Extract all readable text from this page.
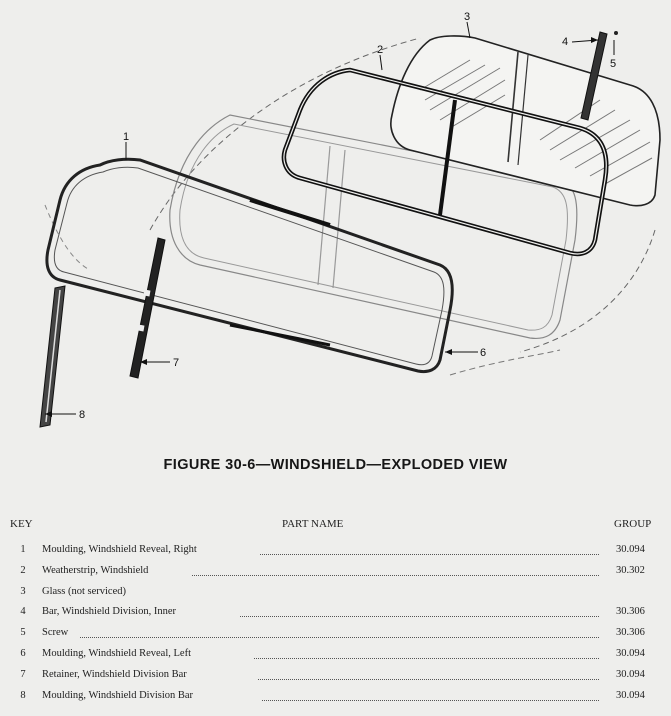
1
2
3
4
5
6
7
8
FIGURE 30-6—WINDSHIELD—EXPLODED VIEW
KEY	PART NAME	GROUP
1 Moulding, Windshield Reveal, Right	30.094
2 Weatherstrip, Windshield	30.302
3 Glass (not serviced)
4 Bar, Windshield Division, Inner	30.306
5 Screw	30.306
6 Moulding, Windshield Reveal, Left	30.094
7 Retainer, Windshield Division Bar	30.094
8 Moulding, Windshield Division Bar	30.094
